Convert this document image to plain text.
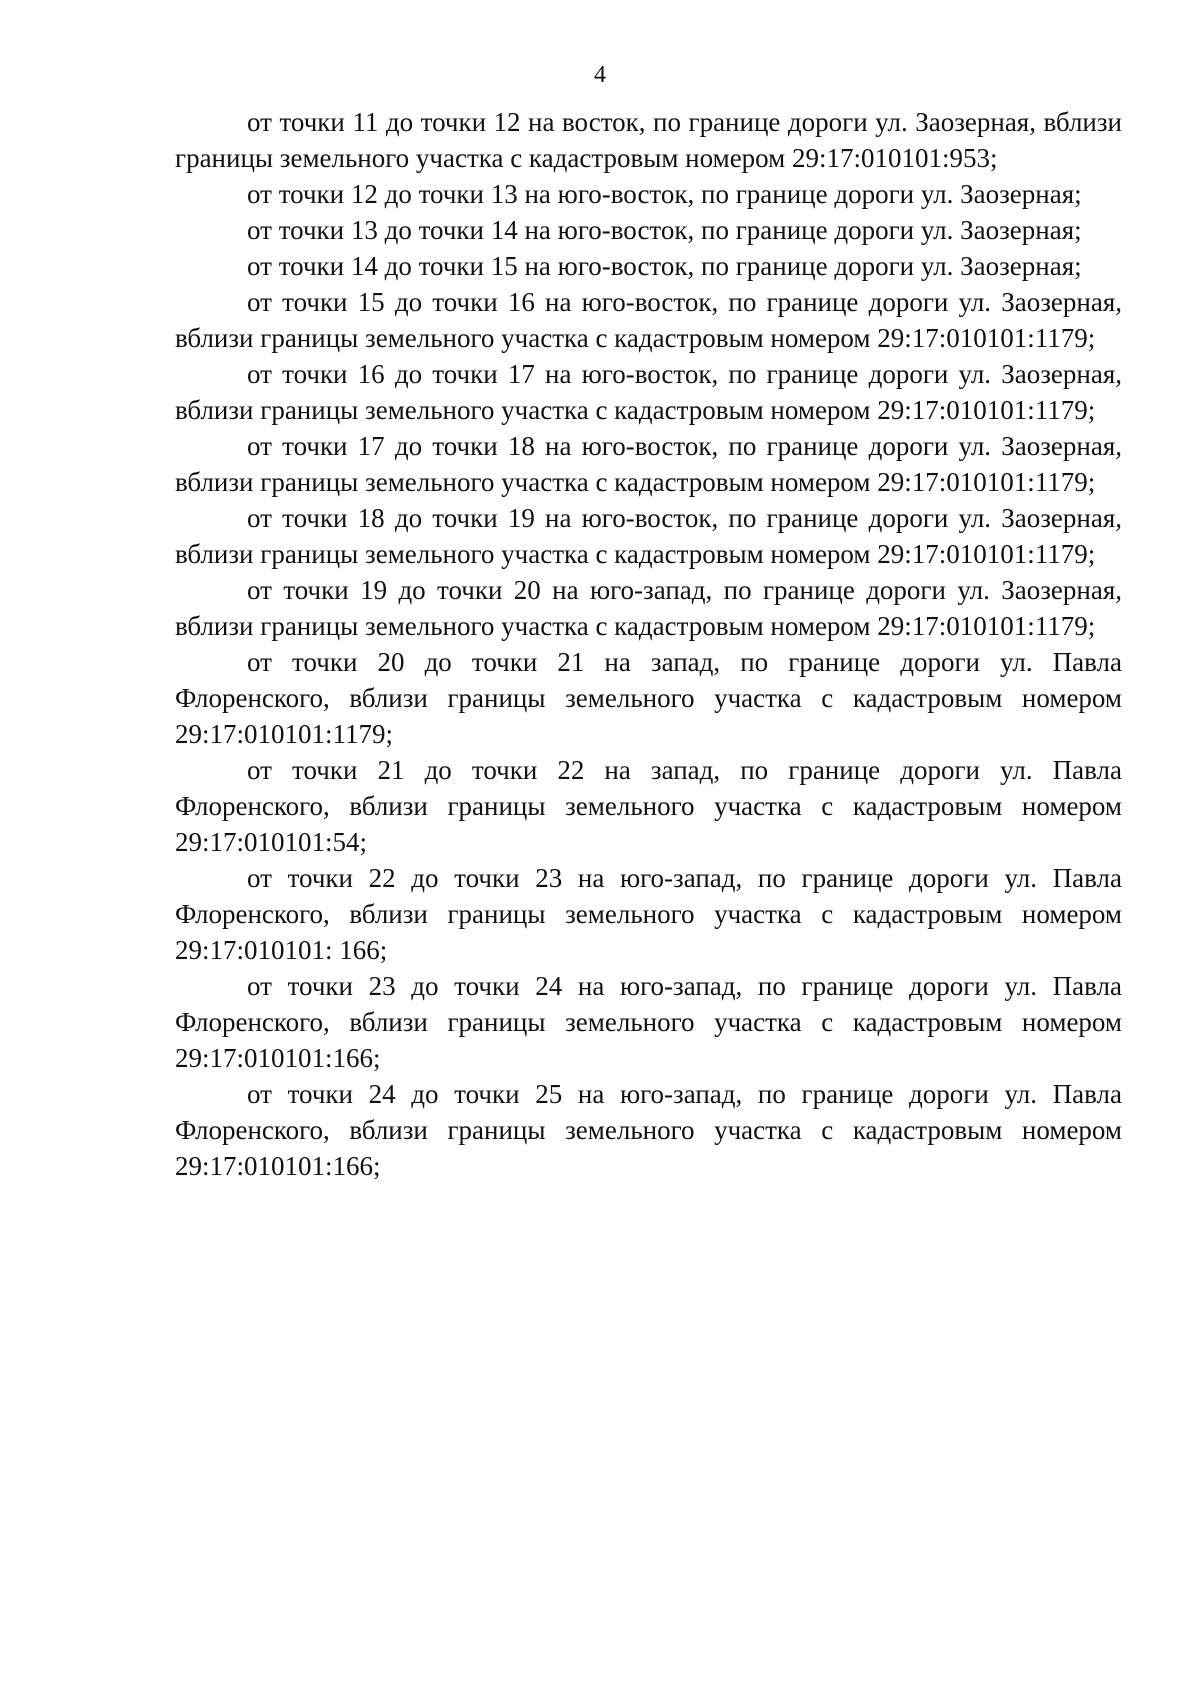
4

от точки 11 до точки 12 на восток, по границе дороги ул. Заозерная, вблизи границы земельного участка с кадастровым номером 29:17:010101:953;

от точки 12 до точки 13 на юго-восток, по границе дороги ул. Заозерная;

от точки 13 до точки 14 на юго-восток, по границе дороги ул. Заозерная;

от точки 14 до точки 15 на юго-восток, по границе дороги ул. Заозерная;

от точки 15 до точки 16 на юго-восток, по границе дороги ул. Заозерная, вблизи границы земельного участка с кадастровым номером 29:17:010101:1179;

от точки 16 до точки 17 на юго-восток, по границе дороги ул. Заозерная, вблизи границы земельного участка с кадастровым номером 29:17:010101:1179;

от точки 17 до точки 18 на юго-восток, по границе дороги ул. Заозерная, вблизи границы земельного участка с кадастровым номером 29:17:010101:1179;

от точки 18 до точки 19 на юго-восток, по границе дороги ул. Заозерная, вблизи границы земельного участка с кадастровым номером 29:17:010101:1179;

от точки 19 до точки 20 на юго-запад, по границе дороги ул. Заозерная, вблизи границы земельного участка с кадастровым номером 29:17:010101:1179;

от точки 20 до точки 21 на запад, по границе дороги ул. Павла Флоренского, вблизи границы земельного участка с кадастровым номером 29:17:010101:1179;

от точки 21 до точки 22 на запад, по границе дороги ул. Павла Флоренского, вблизи границы земельного участка с кадастровым номером 29:17:010101:54;

от точки 22 до точки 23 на юго-запад, по границе дороги ул. Павла Флоренского, вблизи границы земельного участка с кадастровым номером 29:17:010101: 166;

от точки 23 до точки 24 на юго-запад, по границе дороги ул. Павла Флоренского, вблизи границы земельного участка с кадастровым номером 29:17:010101:166;

от точки 24 до точки 25 на юго-запад, по границе дороги ул. Павла Флоренского, вблизи границы земельного участка с кадастровым номером 29:17:010101:166;
